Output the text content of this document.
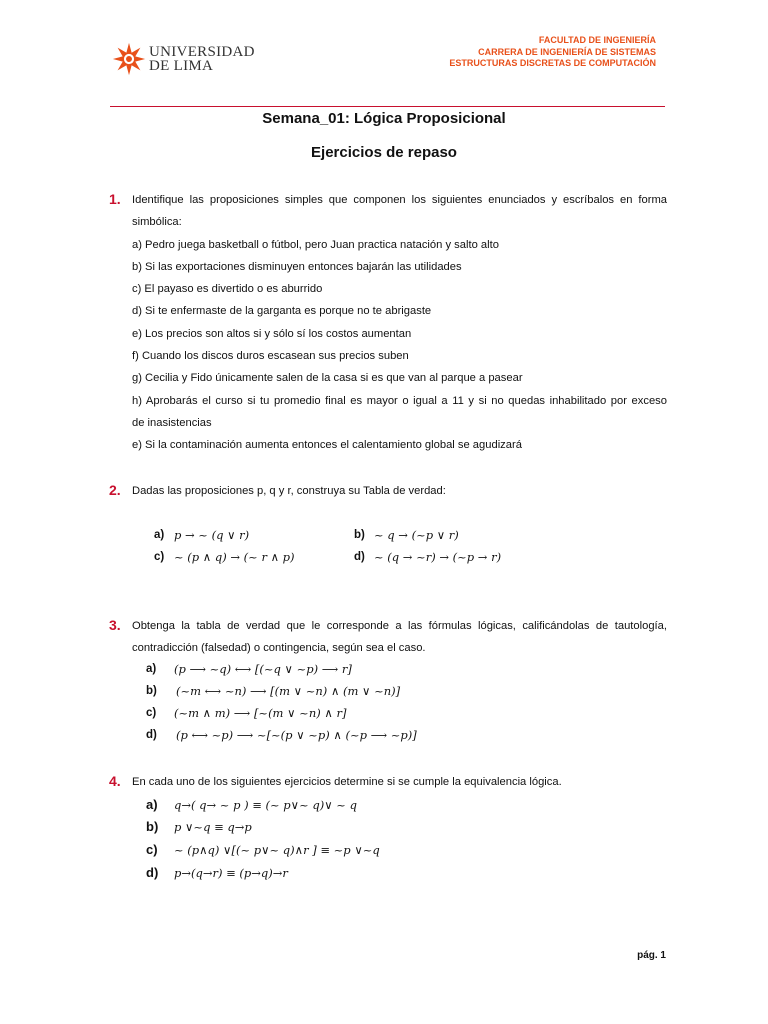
UNIVERSIDAD
DE LIMA
FACULTAD DE INGENIERÍA
CARRERA DE INGENIERÍA DE SISTEMAS
ESTRUCTURAS DISCRETAS DE COMPUTACIÓN
Semana_01: Lógica Proposicional
Ejercicios de repaso
1. Identifique las proposiciones simples que componen los siguientes enunciados y escríbalos en forma
simbólica:
a) Pedro juega basketball o fútbol, pero Juan practica natación y salto alto
b) Si las exportaciones disminuyen entonces bajarán las utilidades
c) El payaso es divertido o es aburrido
d) Si te enfermaste de la garganta es porque no te abrigaste
e) Los precios son altos si y sólo sí los costos aumentan
f) Cuando los discos duros escasean sus precios suben
g) Cecilia y Fido únicamente salen de la casa si es que van al parque a pasear
h) Aprobarás el curso si tu promedio final es mayor o igual a 11 y si no quedas inhabilitado por exceso
de inasistencias
e) Si la contaminación aumenta entonces el calentamiento global se agudizará
2. Dadas las proposiciones p, q y r, construya su Tabla de verdad:
a) p → ~ (q ∨ r)	b) ~ q → (~p ∨ r)
c) ~ (p ∧ q) → (~ r ∧ p)	d) ~ (q → ~r) → (~p → r)
3. Obtenga la tabla de verdad que le corresponde a las fórmulas lógicas, calificándolas de tautología,
contradicción (falsedad) o contingencia, según sea el caso.
a) (p ⟶ ~q) ⟷ [(~q ∨ ~p) ⟶ r]
b) (~m ⟷ ~n) ⟶ [(m ∨ ~n) ∧ (m ∨ ~n)]
c) (~m ∧ m) ⟶ [~(m ∨ ~n) ∧ r]
d) (p ⟷ ~p) ⟶ ~[~(p ∨ ~p) ∧ (~p ⟶ ~p)]
4. En cada uno de los siguientes ejercicios determine si se cumple la equivalencia lógica.
a) q→( q→ ~ p ) ≡ (~ p∨~ q)∨ ~ q
b) p ∨~q ≡ q→p
c) ~ (p∧q) ∨[(~ p∨~ q)∧r ] ≡ ~p ∨~q
d) p→(q→r) ≡ (p→q)→r
pág. 1
